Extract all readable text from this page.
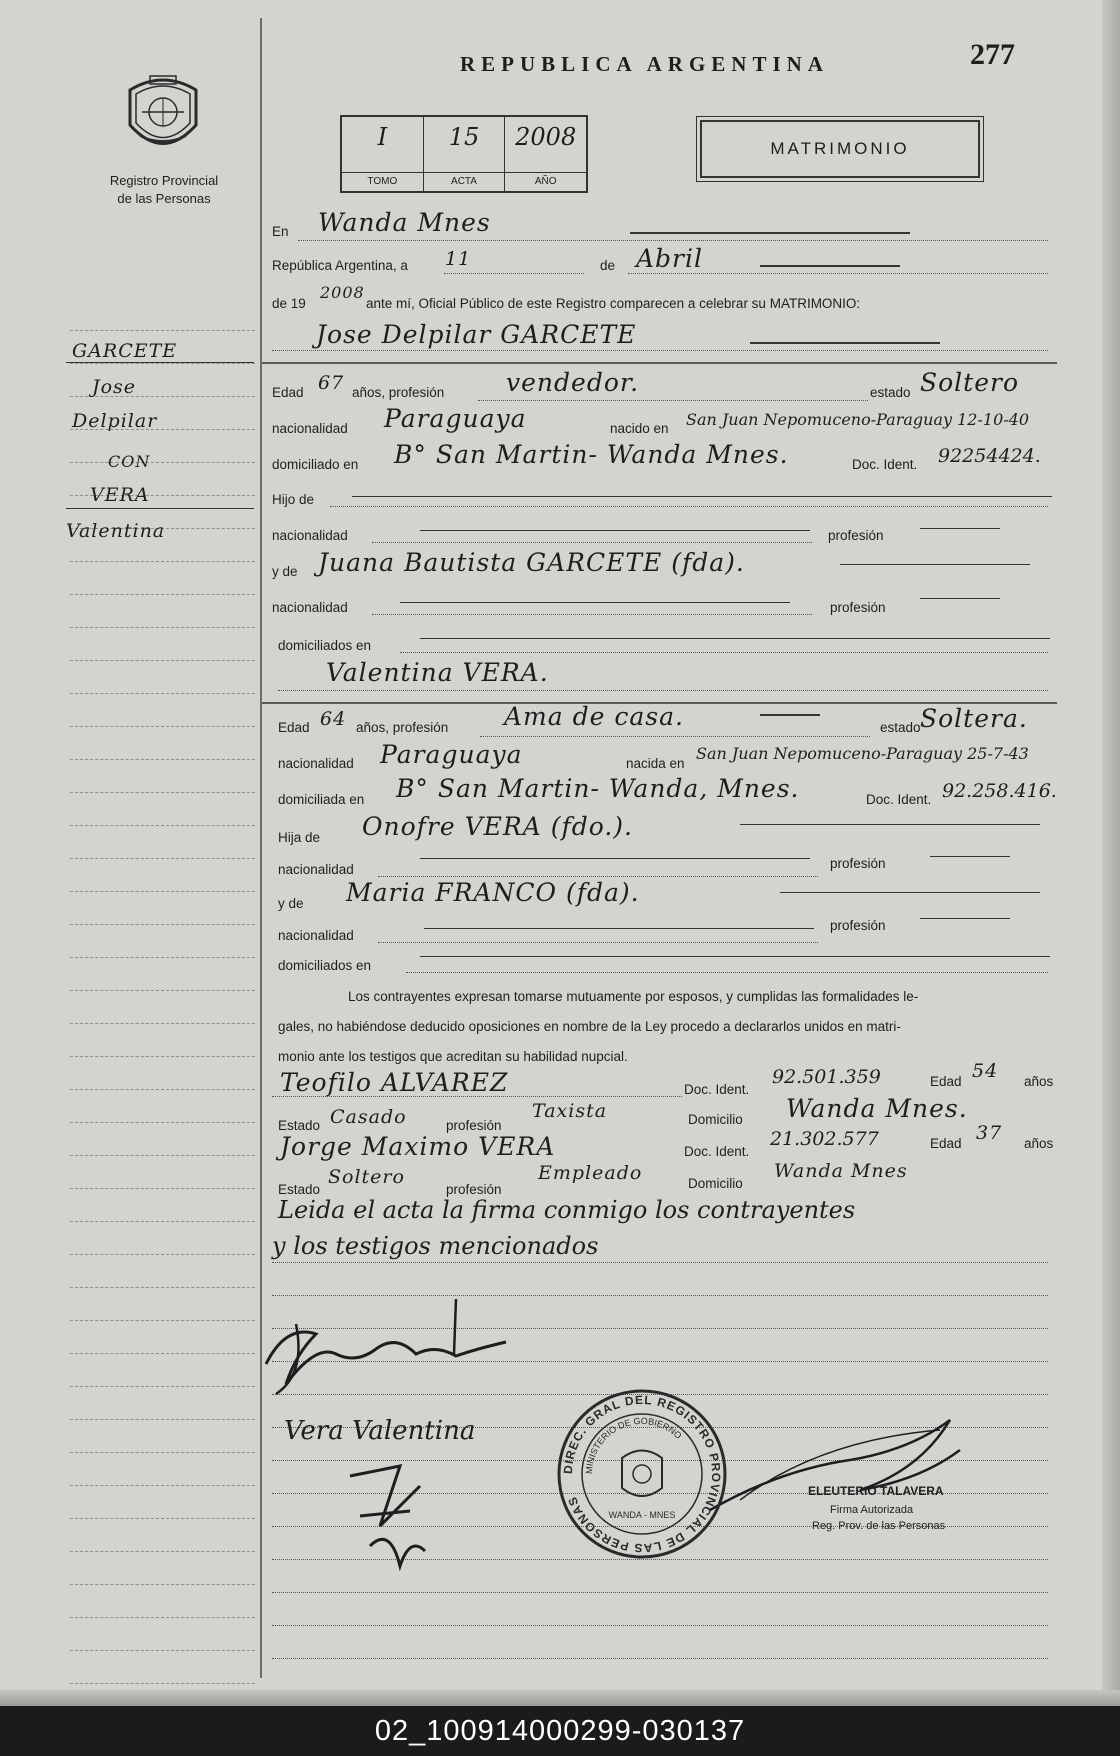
Registro Provincial
de las Personas
REPUBLICA ARGENTINA	277
I
TOMO
15
ACTA
2008
AÑO
MATRIMONIO
GARCETE
Jose
Delpilar
CON
VERA
Valentina
En Wanda Mnes
República Argentina, a 11	de Abril
de 19
2008
ante mí, Oficial Público de este Registro comparecen a celebrar su MATRIMONIO:
Jose Delpilar GARCETE
Edad 67 años, profesión vendedor.	estado Soltero
nacionalidad Paraguaya	nacido en San Juan Nepomuceno-Paraguay 12-10-40
domiciliado en B° San Martin- Wanda Mnes.	Doc. Ident. 92254424.
Hijo de
nacionalidad	profesión
y de Juana Bautista GARCETE (fda).
nacionalidad	profesión
domiciliados en
Valentina VERA.
Edad 64 años, profesión Ama de casa.	estado Soltera.
nacionalidad Paraguaya	nacida en
San Juan Nepomuceno-Paraguay 25-7-43
domiciliada en B° San Martin- Wanda, Mnes.	Doc. Ident. 92.258.416.
Hija de Onofre VERA (fdo.).
nacionalidad	profesión
y de Maria FRANCO (fda).
nacionalidad
profesión
domiciliados en
Los contrayentes expresan tomarse mutuamente por esposos, y cumplidas las formalidades le-
gales, no habiéndose deducido oposiciones en nombre de la Ley procedo a declararlos unidos en matri-
monio ante los testigos que acreditan su habilidad nupcial.
Teofilo ALVAREZ	Doc. Ident.
92.501.359	Edad 54 años
Estado Casado	profesión
Taxista	Domicilio Wanda Mnes.
Jorge Maximo VERA	Doc. Ident.
21.302.577	Edad 37 años
Estado
Soltero
profesión
Empleado	Domicilio
Wanda Mnes
Leida el acta la firma conmigo los contrayentes
y los testigos mencionados
Vera Valentina
ELEUTERIO TALAVERA
Firma Autorizada
Reg. Prov. de las Personas
DIREC. GRAL DEL REGISTRO PROVINCIAL DE LAS PERSONAS
MINISTERIO DE GOBIERNO
WANDA - MNES
02_100914000299-030137
